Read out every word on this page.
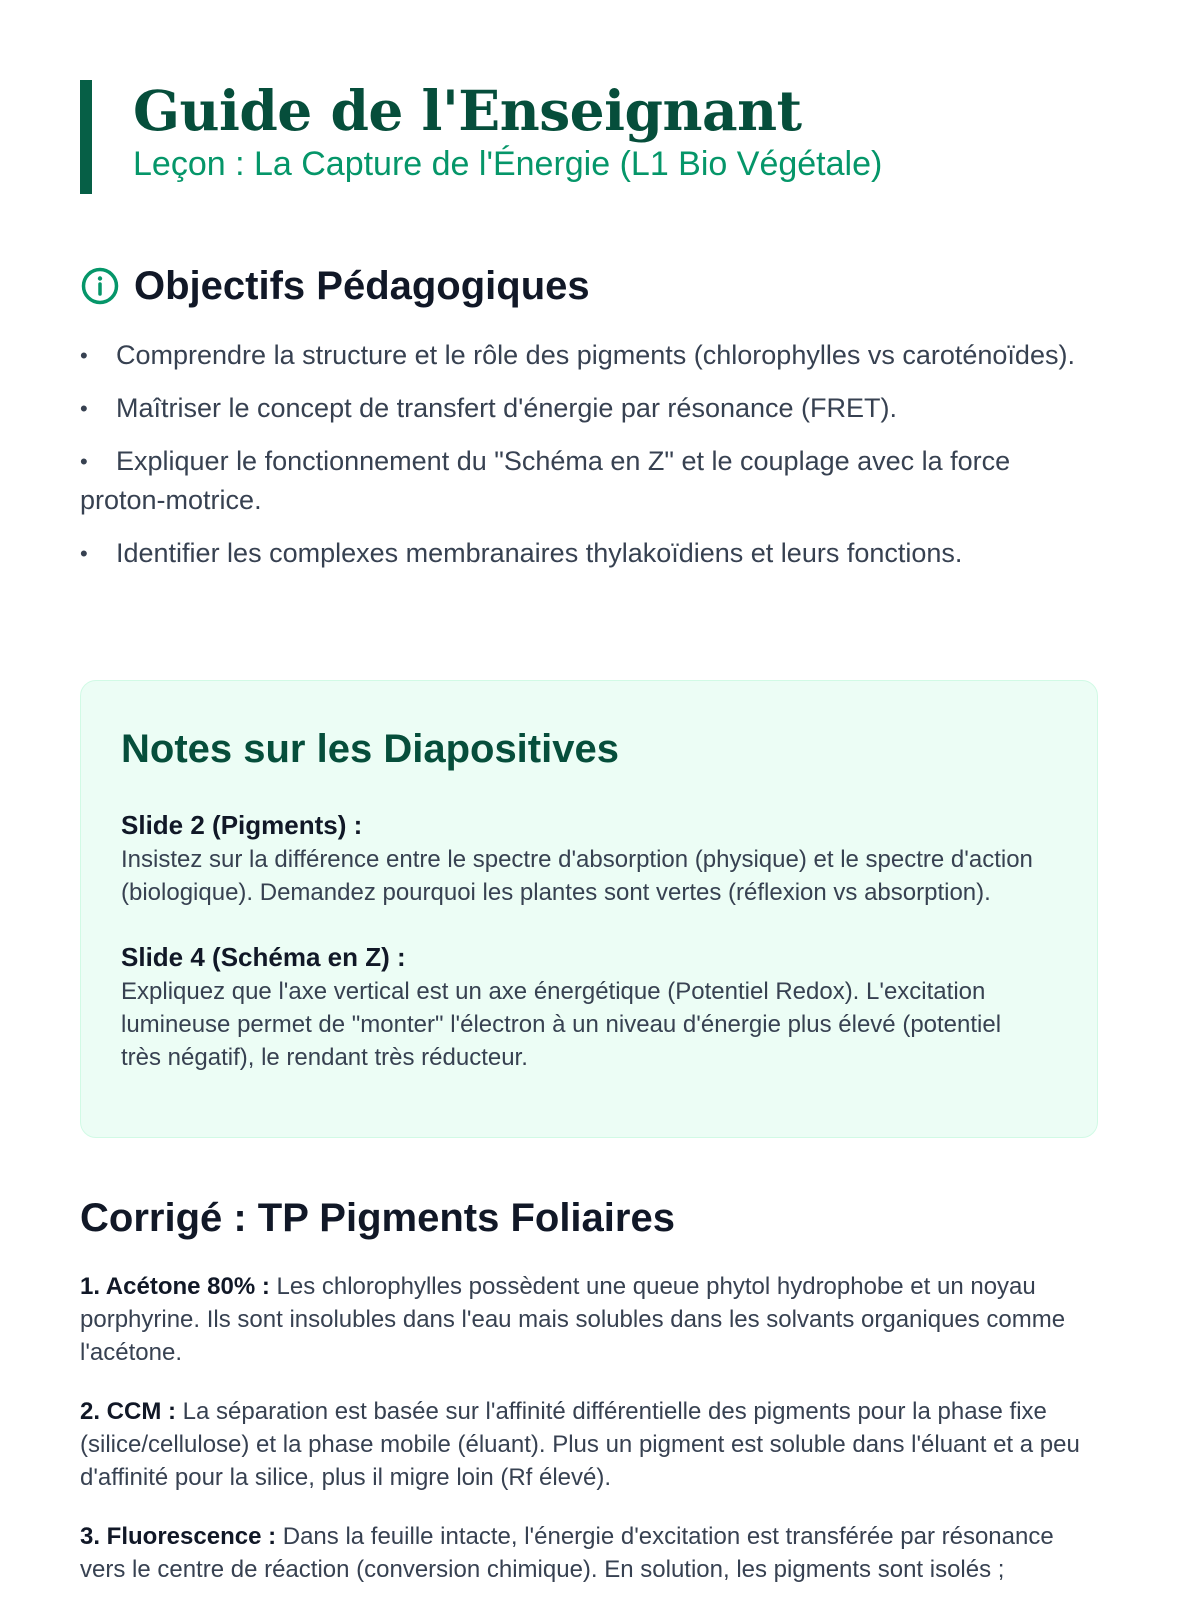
Guide de l'Enseignant

Leçon : La Capture de l'Énergie (L1 Bio Végétale)

Objectifs Pédagogiques
• Comprendre la structure et le rôle des pigments (chlorophylles vs caroténoïdes).
• Maîtriser le concept de transfert d'énergie par résonance (FRET).
• Expliquer le fonctionnement du "Schéma en Z" et le couplage avec la force proton-motrice.
• Identifier les complexes membranaires thylakoïdiens et leurs fonctions.
Notes sur les Diapositives
Slide 2 (Pigments) :
Insistez sur la différence entre le spectre d'absorption (physique) et le spectre d'action (biologique). Demandez pourquoi les plantes sont vertes (réflexion vs absorption).
Slide 4 (Schéma en Z) :
Expliquez que l'axe vertical est un axe énergétique (Potentiel Redox). L'excitation lumineuse permet de "monter" l'électron à un niveau d'énergie plus élevé (potentiel très négatif), le rendant très réducteur.
Corrigé : TP Pigments Foliaires

1. Acétone 80% : Les chlorophylles possèdent une queue phytol hydrophobe et un noyau porphyrine. Ils sont insolubles dans l'eau mais solubles dans les solvants organiques comme l'acétone.

2. CCM : La séparation est basée sur l'affinité différentielle des pigments pour la phase fixe (silice/cellulose) et la phase mobile (éluant). Plus un pigment est soluble dans l'éluant et a peu d'affinité pour la silice, plus il migre loin (Rf élevé).

3. Fluorescence : Dans la feuille intacte, l'énergie d'excitation est transférée par résonance vers le centre de réaction (conversion chimique). En solution, les pigments sont isolés ;
